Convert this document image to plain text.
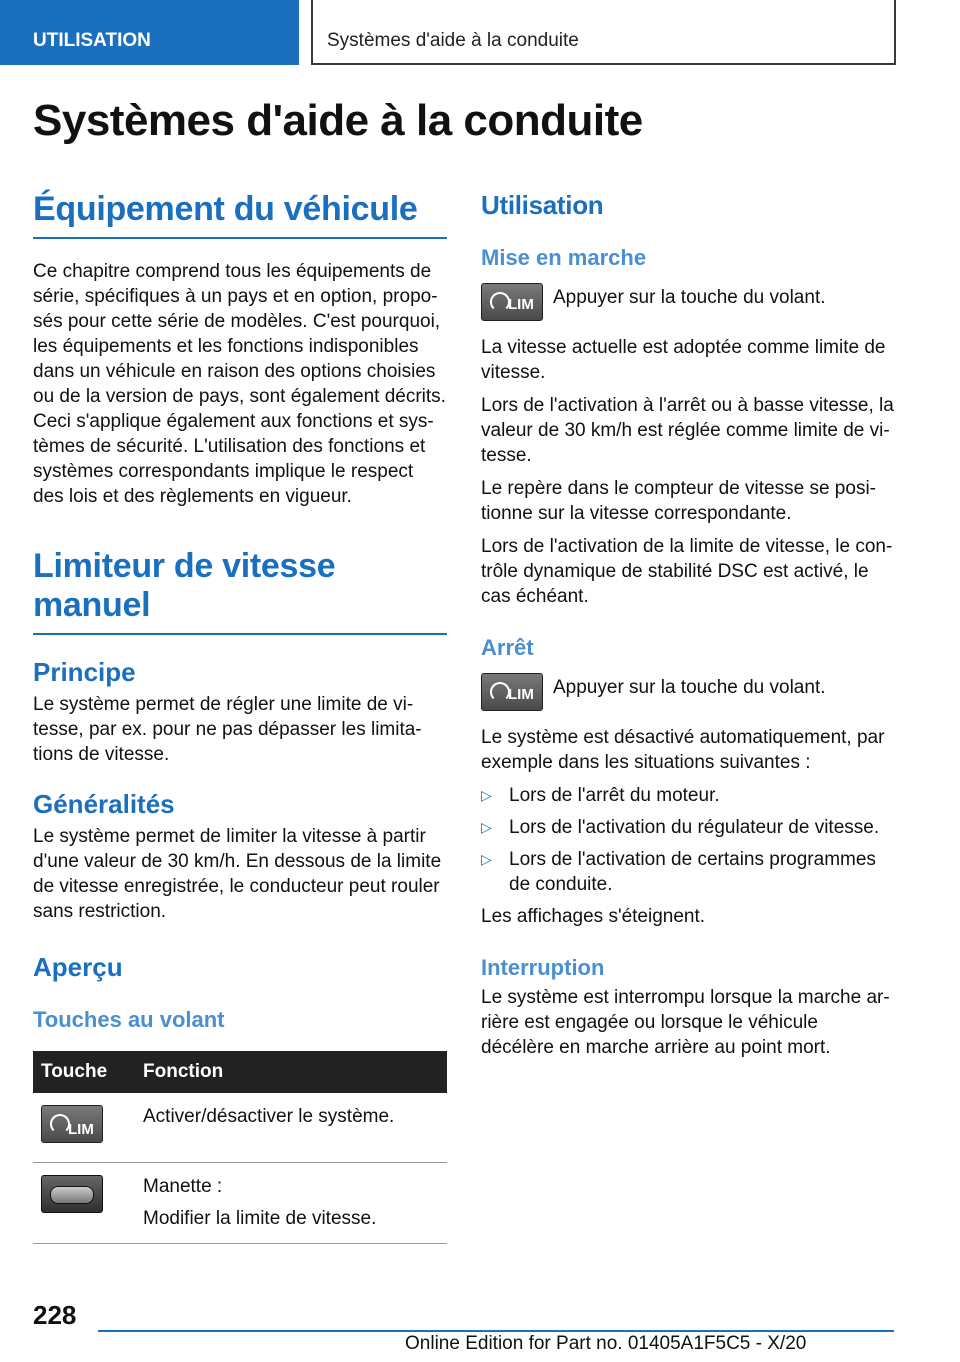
UTILISATION	Systèmes d'aide à la conduite
Systèmes d'aide à la conduite
Équipement du véhicule

Ce chapitre comprend tous les équipements de série, spécifiques à un pays et en option, propo-sés pour cette série de modèles. C'est pourquoi, les équipements et les fonctions indisponibles dans un véhicule en raison des options choisies ou de la version de pays, sont également décrits. Ceci s'applique également aux fonctions et sys-tèmes de sécurité. L'utilisation des fonctions et systèmes correspondants implique le respect des lois et des règlements en vigueur.

Limiteur de vitesse manuel
Principe

Le système permet de régler une limite de vi-tesse, par ex. pour ne pas dépasser les limita-tions de vitesse.

Généralités

Le système permet de limiter la vitesse à partir d'une valeur de 30 km/h. En dessous de la limite de vitesse enregistrée, le conducteur peut rouler sans restriction.

Aperçu
Touches au volant
Touche	Fonction

LIM	Activer/désactiver le système.

	Manette :
Modifier la limite de vitesse.
Utilisation
Mise en marche
LIM Appuyer sur la touche du volant.

La vitesse actuelle est adoptée comme limite de vitesse.

Lors de l'activation à l'arrêt ou à basse vitesse, la valeur de 30 km/h est réglée comme limite de vi-tesse.

Le repère dans le compteur de vitesse se posi-tionne sur la vitesse correspondante.

Lors de l'activation de la limite de vitesse, le con-trôle dynamique de stabilité DSC est activé, le cas échéant.

Arrêt
LIM Appuyer sur la touche du volant.

Le système est désactivé automatiquement, par exemple dans les situations suivantes :

▷ Lors de l'arrêt du moteur.
▷ Lors de l'activation du régulateur de vitesse.
▷ Lors de l'activation de certains programmes de conduite.

Les affichages s'éteignent.

Interruption

Le système est interrompu lorsque la marche ar-rière est engagée ou lorsque le véhicule décélère en marche arrière au point mort.

228
Online Edition for Part no. 01405A1F5C5 - X/20
